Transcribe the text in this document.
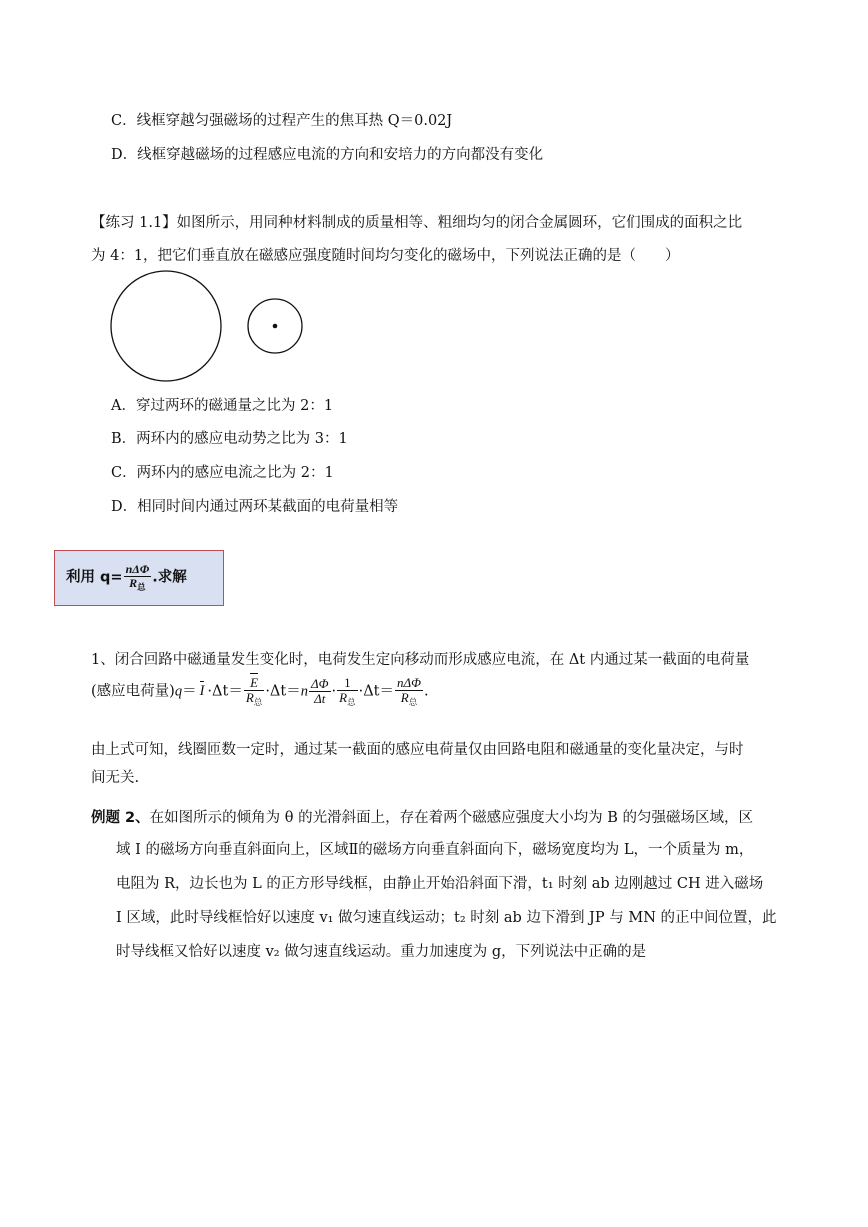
C．线框穿越匀强磁场的过程产生的焦耳热 Q＝0.02J
D．线框穿越磁场的过程感应电流的方向和安培力的方向都没有变化
【练习 1.1】如图所示，用同种材料制成的质量相等、粗细均匀的闭合金属圆环，它们围成的面积之比
为 4：1，把它们垂直放在磁感应强度随时间均匀变化的磁场中，下列说法正确的是（　　）
A．穿过两环的磁通量之比为 2：1
B．两环内的感应电动势之比为 3：1
C．两环内的感应电流之比为 2：1
D．相同时间内通过两环某截面的电荷量相等
利用 $q= \frac{\text{nΔΦ}}{R_总}$ .求解
1、闭合回路中磁通量发生变化时，电荷发生定向移动而形成感应电流，在 Δt 内通过某一截面的电荷量
(感应电荷量)$q= I \cdot\Delta t= \frac{E}{R_总} \cdot\Delta t=n \frac{\Delta\Phi}{\Delta t} \cdot \frac{1}{R_总} \cdot\Delta t= \frac{\text{nΔΦ}}{R_总}$ .
由上式可知，线圈匝数一定时，通过某一截面的感应电荷量仅由回路电阻和磁通量的变化量决定，与时
间无关.
例题 2、在如图所示的倾角为 θ 的光滑斜面上，存在着两个磁感应强度大小均为 B 的匀强磁场区域，区
域 Ⅰ 的磁场方向垂直斜面向上，区域Ⅱ的磁场方向垂直斜面向下，磁场宽度均为 L，一个质量为 m，
电阻为 R，边长也为 L 的正方形导线框，由静止开始沿斜面下滑，t₁ 时刻 ab 边刚越过 CH 进入磁场
Ⅰ 区域，此时导线框恰好以速度 v₁ 做匀速直线运动；t₂ 时刻 ab 边下滑到 JP 与 MN 的正中间位置，此
时导线框又恰好以速度 v₂ 做匀速直线运动。重力加速度为 g，下列说法中正确的是
